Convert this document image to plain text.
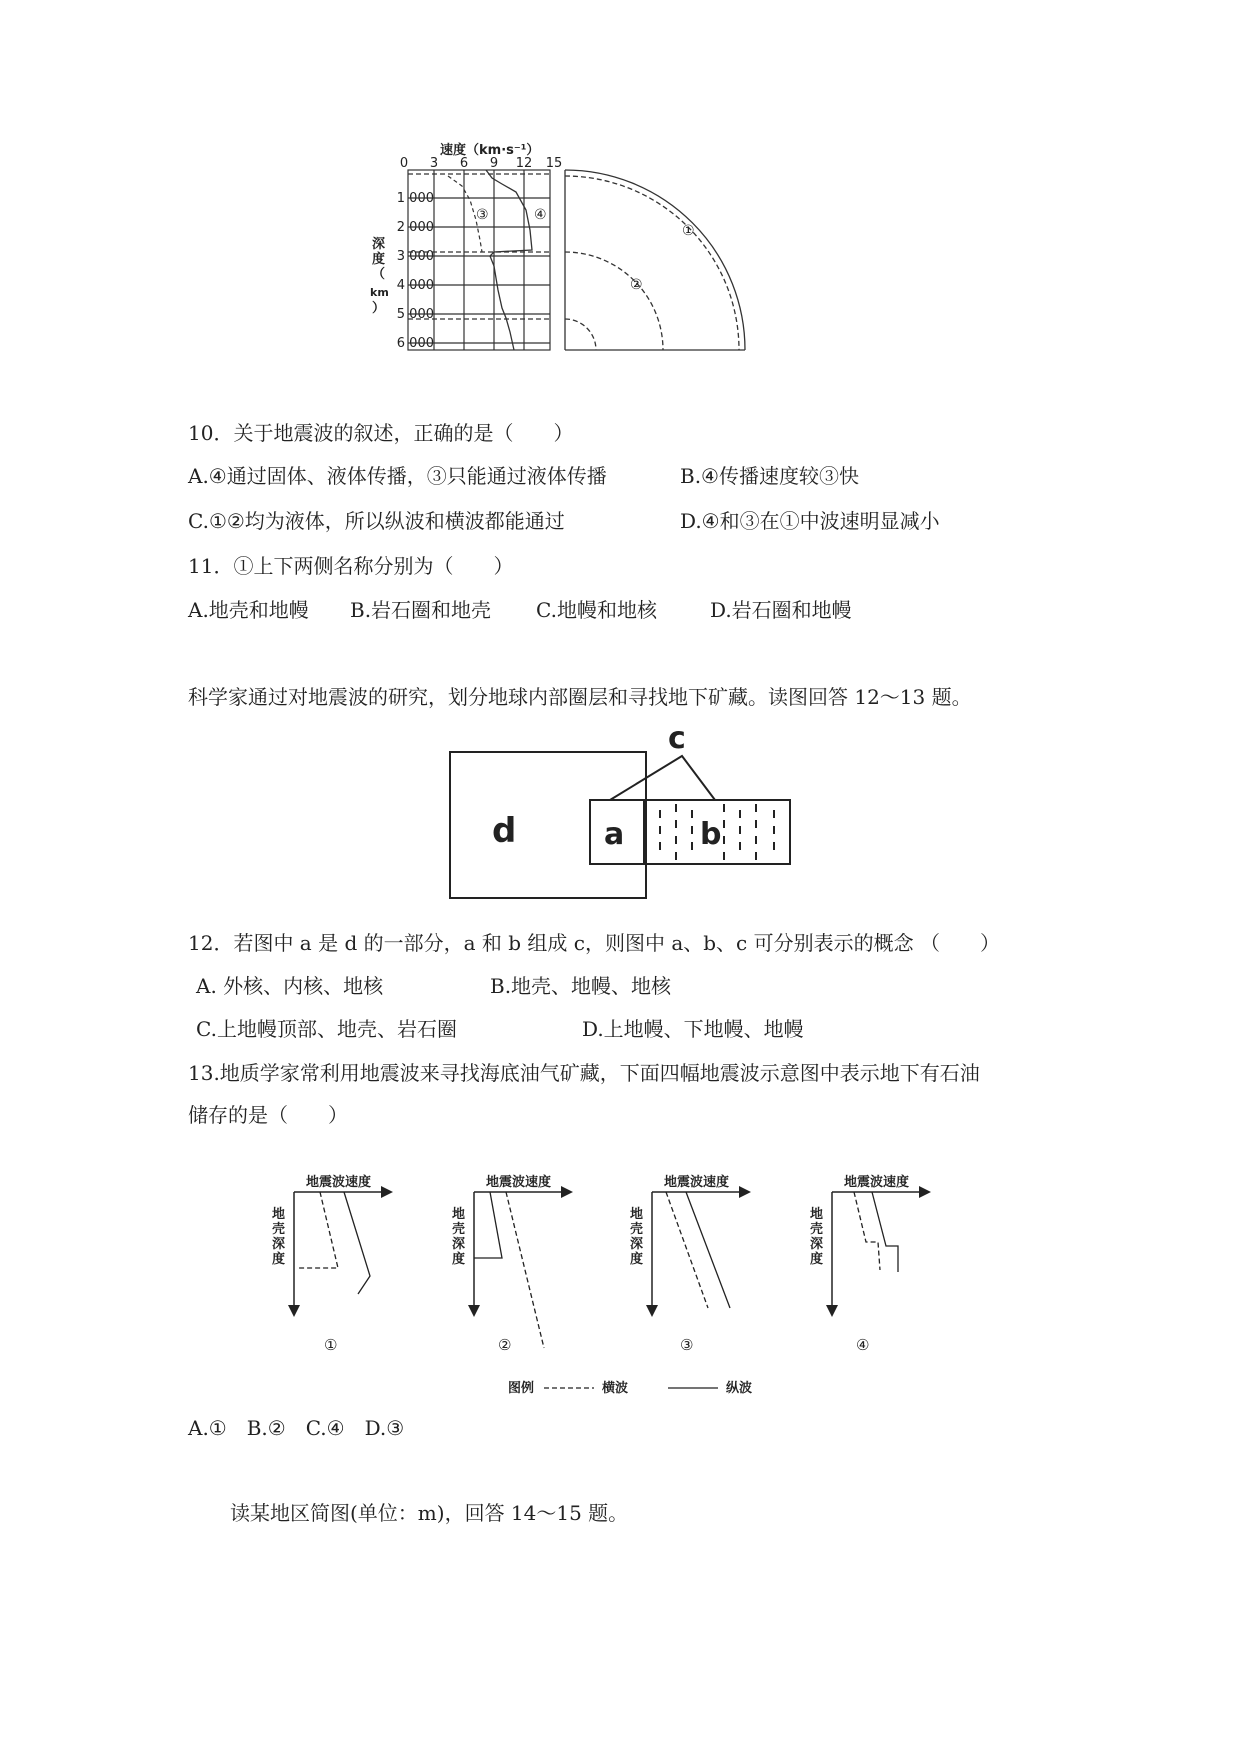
速度（km·s⁻¹）
0 3 6 9 12 15
1 000
2 000
3 000
4 000
5 000
6 000
深
度
（
km
）
③	④
①
②
10．关于地震波的叙述，正确的是（　　）
A.④通过固体、液体传播，③只能通过液体传播	B.④传播速度较③快
C.①②均为液体，所以纵波和横波都能通过	D.④和③在①中波速明显减小
11．①上下两侧名称分别为（　　）
A.地壳和地幔 B.岩石圈和地壳 C.地幔和地核	D.岩石圈和地幔
科学家通过对地震波的研究，划分地球内部圈层和寻找地下矿藏。读图回答 12～13 题。
d	a	b
c
12．若图中 a 是 d 的一部分，a 和 b 组成 c，则图中 a、b、c 可分别表示的概念 （　　）
A. 外核、内核、地核	B.地壳、地幔、地核
C.上地幔顶部、地壳、岩石圈	D.上地幔、下地幔、地幔
13.地质学家常利用地震波来寻找海底油气矿藏，下面四幅地震波示意图中表示地下有石油
储存的是（　　）
地震波速度
地
壳
深
度
①
地震波速度
地
壳
深
度
②
地震波速度
地
壳
深
度
③
地震波速度
地
壳
深
度
④
图例	横波	纵波
A.①　B.②　C.④　D.③
读某地区简图(单位：m)，回答 14～15 题。
